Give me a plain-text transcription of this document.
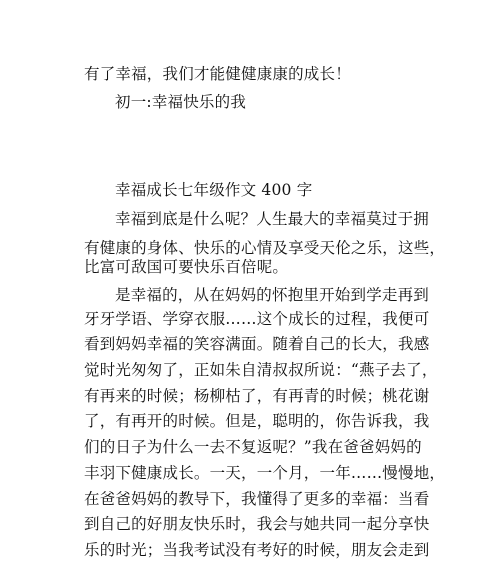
有了幸福，我们才能健健康康的成长！
初一:幸福快乐的我
幸福成长七年级作文 400 字
幸福到底是什么呢？人生最大的幸福莫过于拥
有健康的身体、快乐的心情及享受天伦之乐，这些，
比富可敌国可要快乐百倍呢。
是幸福的，从在妈妈的怀抱里开始到学走再到
牙牙学语、学穿衣服……这个成长的过程，我便可
看到妈妈幸福的笑容满面。随着自己的长大，我感
觉时光匆匆了，正如朱自清叔叔所说：“燕子去了，
有再来的时候；杨柳枯了，有再青的时候；桃花谢
了，有再开的时候。但是，聪明的，你告诉我，我
们的日子为什么一去不复返呢？”我在爸爸妈妈的
丰羽下健康成长。一天，一个月，一年……慢慢地，
在爸爸妈妈的教导下，我懂得了更多的幸福：当看
到自己的好朋友快乐时，我会与她共同一起分享快
乐的时光；当我考试没有考好的时候，朋友会走到
